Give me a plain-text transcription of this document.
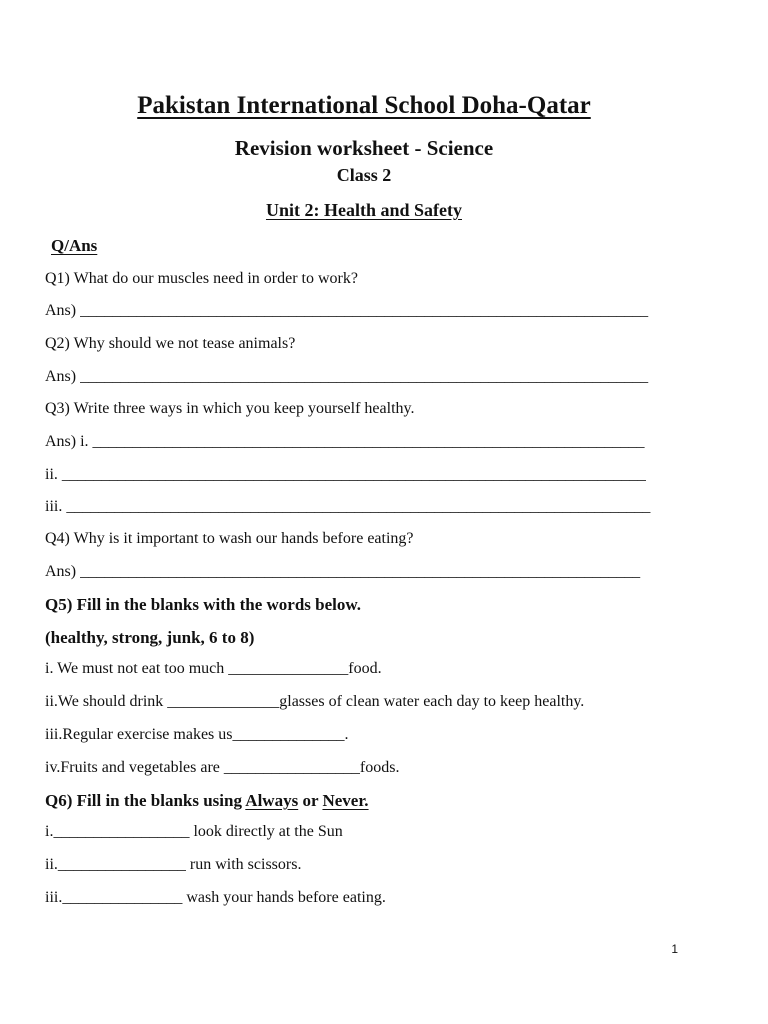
Pakistan International School Doha-Qatar
Revision worksheet - Science
Class 2
Unit 2: Health and Safety
Q/Ans
Q1) What do our muscles need in order to work?
Ans) _______________________________________________________________________
Q2) Why should we not tease animals?
Ans) _______________________________________________________________________
Q3) Write three ways in which you keep yourself healthy.
Ans) i. _____________________________________________________________________
ii. _________________________________________________________________________
iii. _________________________________________________________________________
Q4) Why is it important to wash our hands before eating?
Ans) ______________________________________________________________________
Q5) Fill in the blanks with the words below.
(healthy, strong, junk, 6 to 8)
i. We must not eat too much _______________food.
ii.We should drink ______________glasses of clean water each day to keep healthy.
iii.Regular exercise makes us______________.
iv.Fruits and vegetables are _________________foods.
Q6) Fill in the blanks using Always or Never.
i._________________ look directly at the Sun
ii.________________ run with scissors.
iii._______________ wash your hands before eating.
1
